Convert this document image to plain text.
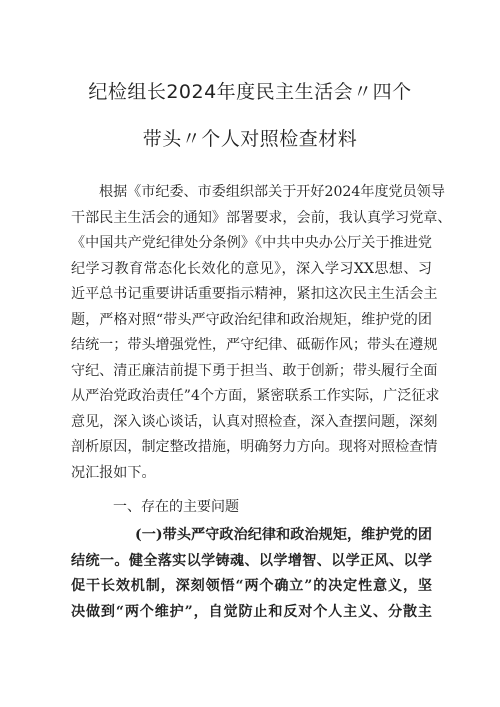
纪检组长2024年度民主生活会〃四个
带头〃个人对照检查材料
根据《市纪委、市委组织部关于开好2024年度党员领导
干部民主生活会的通知》部署要求，会前，我认真学习党章、
《中国共产党纪律处分条例》《中共中央办公厅关于推进党
纪学习教育常态化长效化的意见》，深入学习XX思想、习
近平总书记重要讲话重要指示精神，紧扣这次民主生活会主
题，严格对照“带头严守政治纪律和政治规矩，维护党的团
结统一；带头增强党性，严守纪律、砥砺作风；带头在遵规
守纪、清正廉洁前提下勇于担当、敢于创新；带头履行全面
从严治党政治责任”4个方面，紧密联系工作实际，广泛征求
意见，深入谈心谈话，认真对照检查，深入查摆问题，深刻
剖析原因，制定整改措施，明确努力方向。现将对照检查情
况汇报如下。
一、存在的主要问题
(一)带头严守政治纪律和政治规矩，维护党的团
结统一。健全落实以学铸魂、以学增智、以学正风、以学
促干长效机制，深刻领悟“两个确立”的决定性意义，坚
决做到“两个维护”，自觉防止和反对个人主义、分散主
